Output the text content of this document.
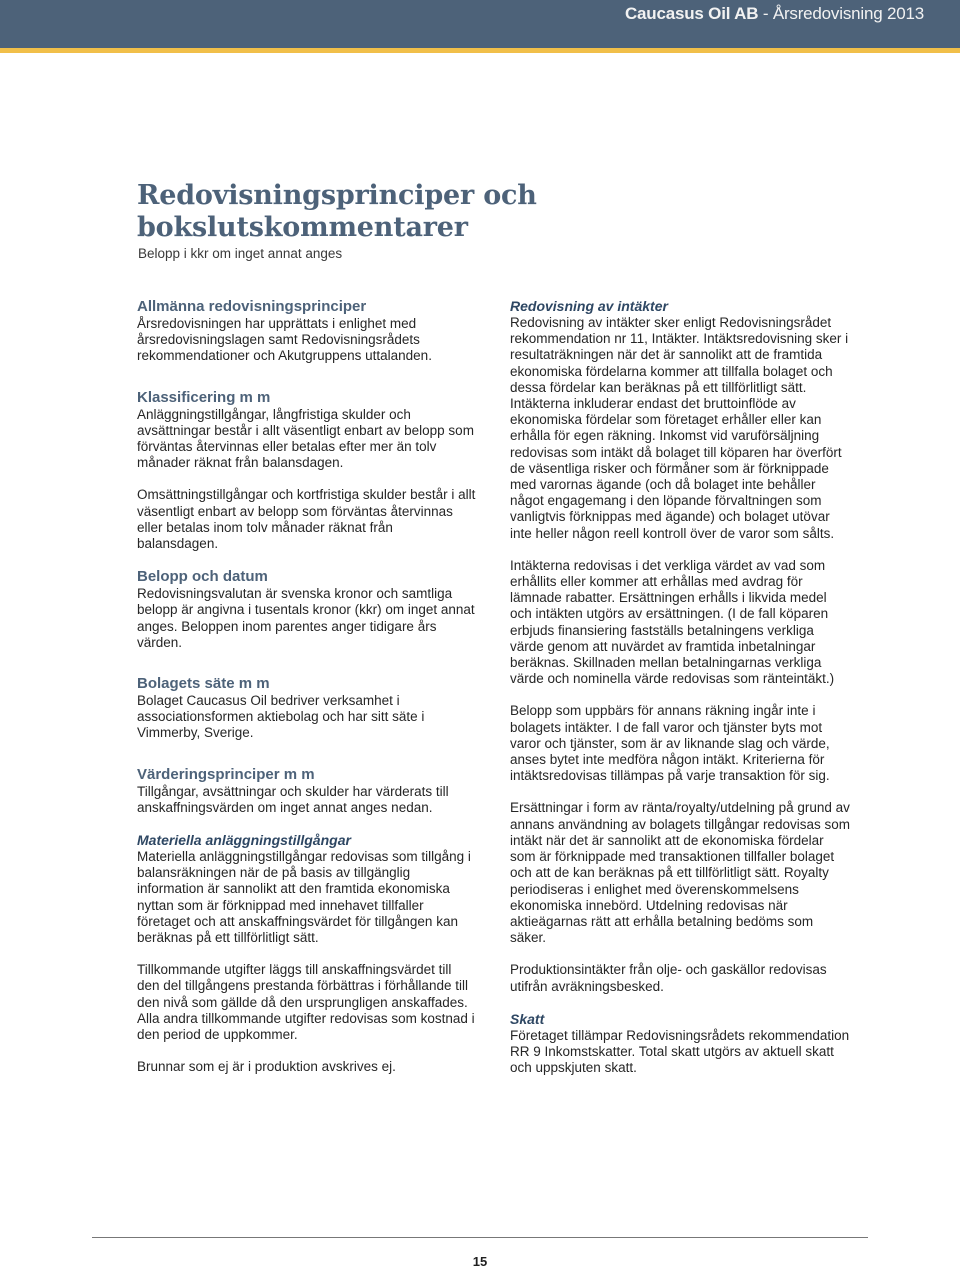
Caucasus Oil AB - Årsredovisning 2013
Redovisningsprinciper och
bokslutskommentarer
Belopp i kkr om inget annat anges
Allmänna redovisningsprinciper
Årsredovisningen har upprättats i enlighet med årsredovisningslagen samt Redovisningsrådets rekommendationer och Akutgruppens uttalanden.
Klassificering m m
Anläggningstillgångar, långfristiga skulder och avsättningar består i allt väsentligt enbart av belopp som förväntas återvinnas eller betalas efter mer än tolv månader räknat från balansdagen.
Omsättningstillgångar och kortfristiga skulder består i allt väsentligt enbart av belopp som förväntas återvinnas eller betalas inom tolv månader räknat från balansdagen.
Belopp och datum
Redovisningsvalutan är svenska kronor och samtliga belopp är angivna i tusentals kronor (kkr) om inget annat anges. Beloppen inom parentes anger tidigare års värden.
Bolagets säte m m
Bolaget Caucasus Oil bedriver verksamhet i associationsformen aktiebolag och har sitt säte i Vimmerby, Sverige.
Värderingsprinciper m m
Tillgångar, avsättningar och skulder har värderats till anskaffningsvärden om inget annat anges nedan.
Materiella anläggningstillgångar
Materiella anläggningstillgångar redovisas som tillgång i balansräkningen när de på basis av tillgänglig information är sannolikt att den framtida ekonomiska nyttan som är förknippad med innehavet tillfaller företaget och att anskaffningsvärdet för tillgången kan beräknas på ett tillförlitligt sätt.
Tillkommande utgifter läggs till anskaffningsvärdet till den del tillgångens prestanda förbättras i förhållande till den nivå som gällde då den ursprungligen anskaffades. Alla andra tillkommande utgifter redovisas som kostnad i den period de uppkommer.
Brunnar som ej är i produktion avskrives ej.
Redovisning av intäkter
Redovisning av intäkter sker enligt Redovisningsrådet rekommendation nr 11, Intäkter. Intäktsredovisning sker i resultaträkningen när det är sannolikt att de framtida ekonomiska fördelarna kommer att tillfalla bolaget och dessa fördelar kan beräknas på ett tillförlitligt sätt. Intäkterna inkluderar endast det bruttoinflöde av ekonomiska fördelar som företaget erhåller eller kan erhålla för egen räkning. Inkomst vid varuförsäljning redovisas som intäkt då bolaget till köparen har överfört de väsentliga risker och förmåner som är förknippade med varornas ägande (och då bolaget inte behåller något engagemang i den löpande förvaltningen som vanligtvis förknippas med ägande) och bolaget utövar inte heller någon reell kontroll över de varor som sålts.
Intäkterna redovisas i det verkliga värdet av vad som erhållits eller kommer att erhållas med avdrag för lämnade rabatter. Ersättningen erhålls i likvida medel och intäkten utgörs av ersättningen. (I de fall köparen erbjuds finansiering fastställs betalningens verkliga värde genom att nuvärdet av framtida inbetalningar beräknas. Skillnaden mellan betalningarnas verkliga värde och nominella värde redovisas som ränteintäkt.)
Belopp som uppbärs för annans räkning ingår inte i bolagets intäkter. I de fall varor och tjänster byts mot varor och tjänster, som är av liknande slag och värde, anses bytet inte medföra någon intäkt. Kriterierna för intäktsredovisas tillämpas på varje transaktion för sig.
Ersättningar i form av ränta/royalty/utdelning på grund av annans användning av bolagets tillgångar redovisas som intäkt när det är sannolikt att de ekonomiska fördelar som är förknippade med transaktionen tillfaller bolaget och att de kan beräknas på ett tillförlitligt sätt. Royalty periodiseras i enlighet med överenskommelsens ekonomiska innebörd. Utdelning redovisas när aktieägarnas rätt att erhålla betalning bedöms som säker.
Produktionsintäkter från olje- och gaskällor redovisas utifrån avräkningsbesked.
Skatt
Företaget tillämpar Redovisningsrådets rekommendation RR 9 Inkomstskatter. Total skatt utgörs av aktuell skatt och uppskjuten skatt.
15
